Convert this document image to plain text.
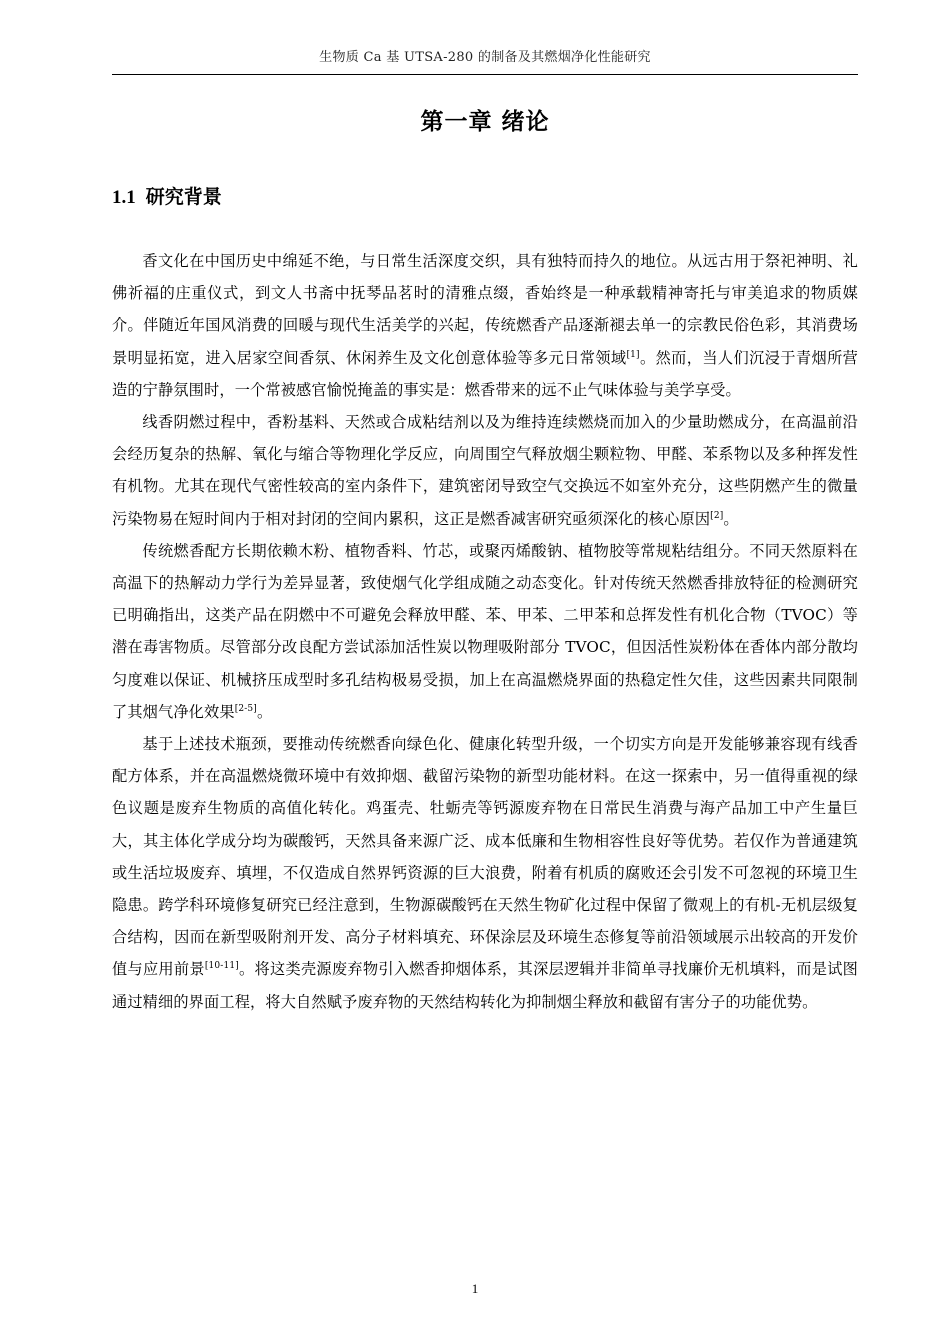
生物质 Ca 基 UTSA-280 的制备及其燃烟净化性能研究
第一章 绪论
1.1 研究背景

香文化在中国历史中绵延不绝，与日常生活深度交织，具有独特而持久的地位。从远古用于祭祀神明、礼佛祈福的庄重仪式，到文人书斋中抚琴品茗时的清雅点缀，香始终是一种承载精神寄托与审美追求的物质媒介。伴随近年国风消费的回暖与现代生活美学的兴起，传统燃香产品逐渐褪去单一的宗教民俗色彩，其消费场景明显拓宽，进入居家空间香氛、休闲养生及文化创意体验等多元日常领域[1]。然而，当人们沉浸于青烟所营造的宁静氛围时，一个常被感官愉悦掩盖的事实是：燃香带来的远不止气味体验与美学享受。

线香阴燃过程中，香粉基料、天然或合成粘结剂以及为维持连续燃烧而加入的少量助燃成分，在高温前沿会经历复杂的热解、氧化与缩合等物理化学反应，向周围空气释放烟尘颗粒物、甲醛、苯系物以及多种挥发性有机物。尤其在现代气密性较高的室内条件下，建筑密闭导致空气交换远不如室外充分，这些阴燃产生的微量污染物易在短时间内于相对封闭的空间内累积，这正是燃香减害研究亟须深化的核心原因[2]。

传统燃香配方长期依赖木粉、植物香料、竹芯，或聚丙烯酸钠、植物胶等常规粘结组分。不同天然原料在高温下的热解动力学行为差异显著，致使烟气化学组成随之动态变化。针对传统天然燃香排放特征的检测研究已明确指出，这类产品在阴燃中不可避免会释放甲醛、苯、甲苯、二甲苯和总挥发性有机化合物（TVOC）等潜在毒害物质。尽管部分改良配方尝试添加活性炭以物理吸附部分 TVOC，但因活性炭粉体在香体内部分散均匀度难以保证、机械挤压成型时多孔结构极易受损，加上在高温燃烧界面的热稳定性欠佳，这些因素共同限制了其烟气净化效果[2-5]。

基于上述技术瓶颈，要推动传统燃香向绿色化、健康化转型升级，一个切实方向是开发能够兼容现有线香配方体系，并在高温燃烧微环境中有效抑烟、截留污染物的新型功能材料。在这一探索中，另一值得重视的绿色议题是废弃生物质的高值化转化。鸡蛋壳、牡蛎壳等钙源废弃物在日常民生消费与海产品加工中产生量巨大，其主体化学成分均为碳酸钙，天然具备来源广泛、成本低廉和生物相容性良好等优势。若仅作为普通建筑或生活垃圾废弃、填埋，不仅造成自然界钙资源的巨大浪费，附着有机质的腐败还会引发不可忽视的环境卫生隐患。跨学科环境修复研究已经注意到，生物源碳酸钙在天然生物矿化过程中保留了微观上的有机-无机层级复合结构，因而在新型吸附剂开发、高分子材料填充、环保涂层及环境生态修复等前沿领域展示出较高的开发价值与应用前景[10-11]。将这类壳源废弃物引入燃香抑烟体系，其深层逻辑并非简单寻找廉价无机填料，而是试图通过精细的界面工程，将大自然赋予废弃物的天然结构转化为抑制烟尘释放和截留有害分子的功能优势。

1
